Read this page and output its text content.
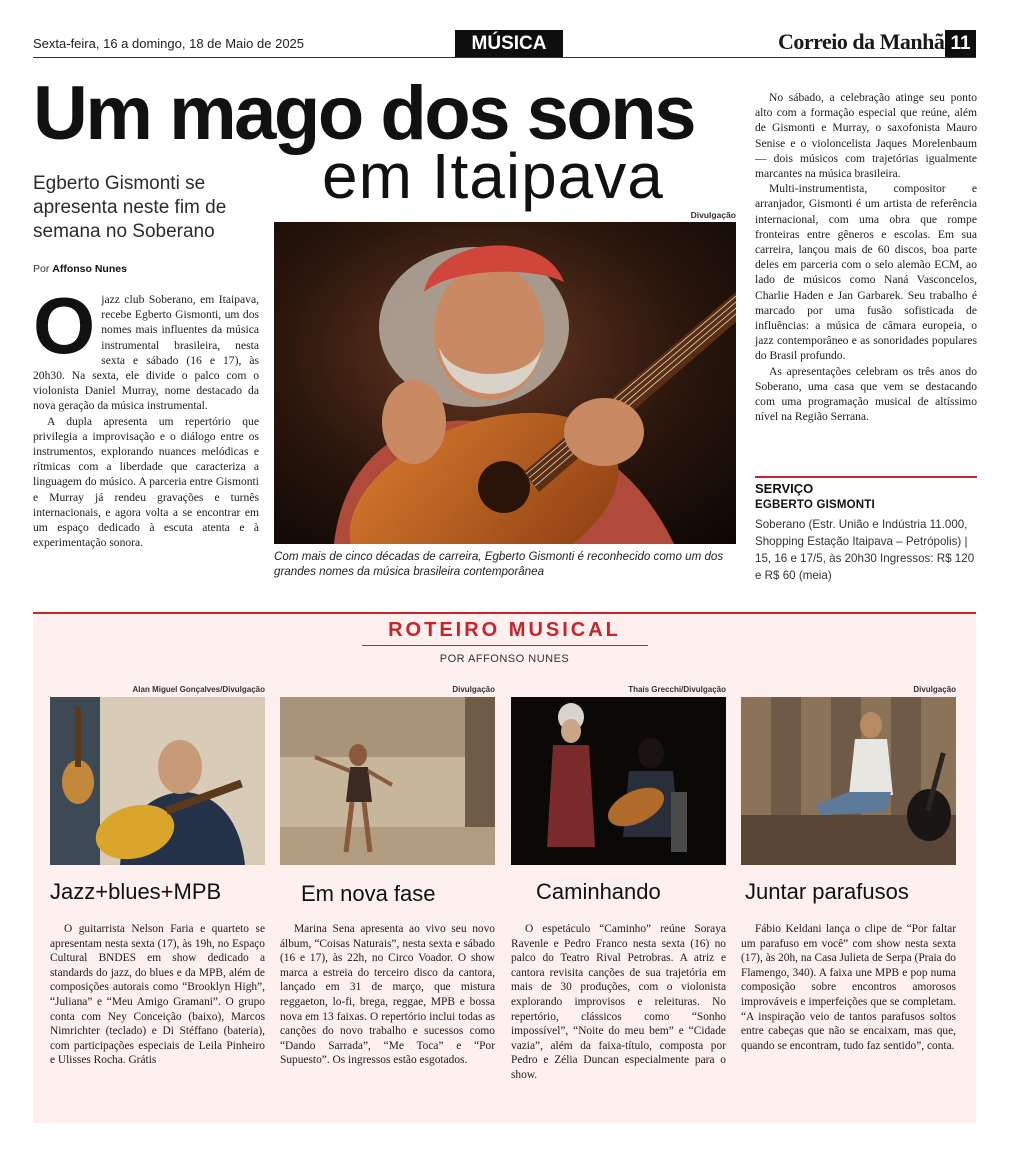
Sexta-feira, 16 a domingo, 18 de Maio de 2025	MÚSICA	Correio da Manhã 11
Um mago dos sons
em Itaipava
Egberto Gismonti se apresenta neste fim de semana no Soberano
Por Affonso Nunes
O jazz club Soberano, em Itaipava, recebe Egberto Gismonti, um dos nomes mais influentes da música instrumental brasileira, nesta sexta e sábado (16 e 17), às 20h30. Na sexta, ele divide o palco com o violonista Daniel Murray, nome destacado da nova geração da música instrumental.

A dupla apresenta um repertório que privilegia a improvisação e o diálogo entre os instrumentos, explorando nuances melódicas e rítmicas com a liberdade que caracteriza a linguagem do músico. A parceria entre Gismonti e Murray já rendeu gravações e turnês internacionais, e agora volta a se encontrar em um espaço dedicado à escuta atenta e à experimentação sonora.

Divulgação
Com mais de cinco décadas de carreira, Egberto Gismonti é reconhecido como um dos grandes nomes da música brasileira contemporânea

No sábado, a celebração atinge seu ponto alto com a formação especial que reúne, além de Gismonti e Murray, o saxofonista Mauro Senise e o violoncelista Jaques Morelenbaum — dois músicos com trajetórias igualmente marcantes na música brasileira.

Multi-instrumentista, compositor e arranjador, Gismonti é um artista de referência internacional, com uma obra que rompe fronteiras entre gêneros e escolas. Em sua carreira, lançou mais de 60 discos, boa parte deles em parceria com o selo alemão ECM, ao lado de músicos como Naná Vasconcelos, Charlie Haden e Jan Garbarek. Seu trabalho é marcado por uma fusão sofisticada de influências: a música de câmara europeia, o jazz contemporâneo e as sonoridades populares do Brasil profundo.

As apresentações celebram os três anos do Soberano, uma casa que vem se destacando com uma programação musical de altíssimo nível na Região Serrana.

SERVIÇO
EGBERTO GISMONTI
Soberano (Estr. União e Indústria 11.000, Shopping Estação Itaipava – Petrópolis) | 15, 16 e 17/5, às 20h30 Ingressos: R$ 120 e R$ 60 (meia)
ROTEIRO MUSICAL
POR AFFONSO NUNES
Alan Miguel Gonçalves/Divulgação
Jazz+blues+MPB

O guitarrista Nelson Faria e quarteto se apresentam nesta sexta (17), às 19h, no Espaço Cultural BNDES em show dedicado a standards do jazz, do blues e da MPB, além de composições autorais como “Brooklyn High”, “Juliana” e “Meu Amigo Gramani”. O grupo conta com Ney Conceição (baixo), Marcos Nimrichter (teclado) e Di Stéffano (bateria), com participações especiais de Leila Pinheiro e Ulisses Rocha. Grátis

Divulgação
Em nova fase

Marina Sena apresenta ao vivo seu novo álbum, “Coisas Naturais”, nesta sexta e sábado (16 e 17), às 22h, no Circo Voador. O show marca a estreia do terceiro disco da cantora, lançado em 31 de março, que mistura reggaeton, lo-fi, brega, reggae, MPB e bossa nova em 13 faixas. O repertório inclui todas as canções do novo trabalho e sucessos como “Dando Sarrada”, “Me Toca” e “Por Supuesto”. Os ingressos estão esgotados.

Thaís Grecchi/Divulgação
Caminhando

O espetáculo “Caminho” reúne Soraya Ravenle e Pedro Franco nesta sexta (16) no palco do Teatro Rival Petrobras. A atriz e cantora revisita canções de sua trajetória em mais de 30 produções, com o violonista explorando improvisos e releituras. No repertório, clássicos como “Sonho impossível”, “Noite do meu bem” e “Cidade vazia”, além da faixa-título, composta por Pedro e Zélia Duncan especialmente para o show.

Divulgação
Juntar parafusos

Fábio Keldani lança o clipe de “Por faltar um parafuso em você” com show nesta sexta (17), às 20h, na Casa Julieta de Serpa (Praia do Flamengo, 340). A faixa une MPB e pop numa composição sobre encontros amorosos improváveis e imperfeições que se completam. “A inspiração veio de tantos parafusos soltos entre cabeças que não se encaixam, mas que, quando se encontram, tudo faz sentido”, conta.
